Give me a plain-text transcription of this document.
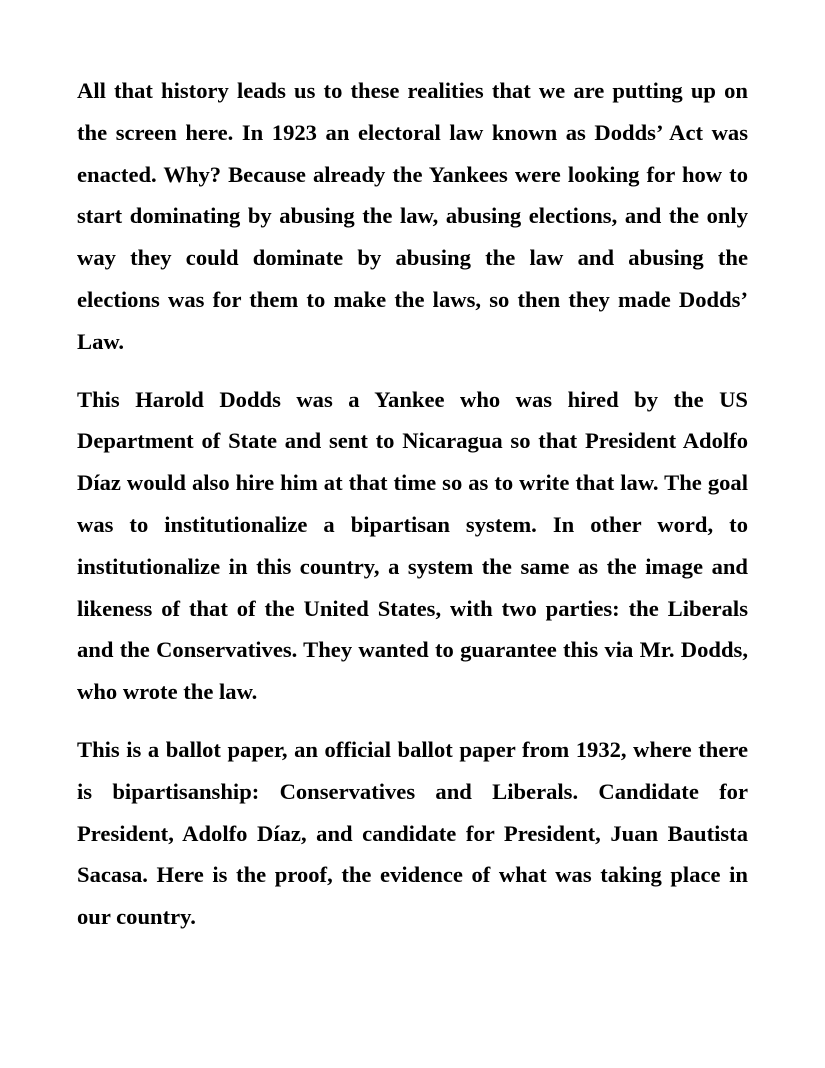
All that history leads us to these realities that we are putting up on the screen here. In 1923 an electoral law known as Dodds’ Act was enacted. Why? Because already the Yankees were looking for how to start dominating by abusing the law, abusing elections, and the only way they could dominate by abusing the law and abusing the elections was for them to make the laws, so then they made Dodds’ Law.

This Harold Dodds was a Yankee who was hired by the US Department of State and sent to Nicaragua so that President Adolfo Díaz would also hire him at that time so as to write that law. The goal was to institutionalize a bipartisan system. In other word, to institutionalize in this country, a system the same as the image and likeness of that of the United States, with two parties: the Liberals and the Conservatives. They wanted to guarantee this via Mr. Dodds, who wrote the law.

This is a ballot paper, an official ballot paper from 1932, where there is bipartisanship: Conservatives and Liberals. Candidate for President, Adolfo Díaz, and candidate for President, Juan Bautista Sacasa. Here is the proof, the evidence of what was taking place in our country.
